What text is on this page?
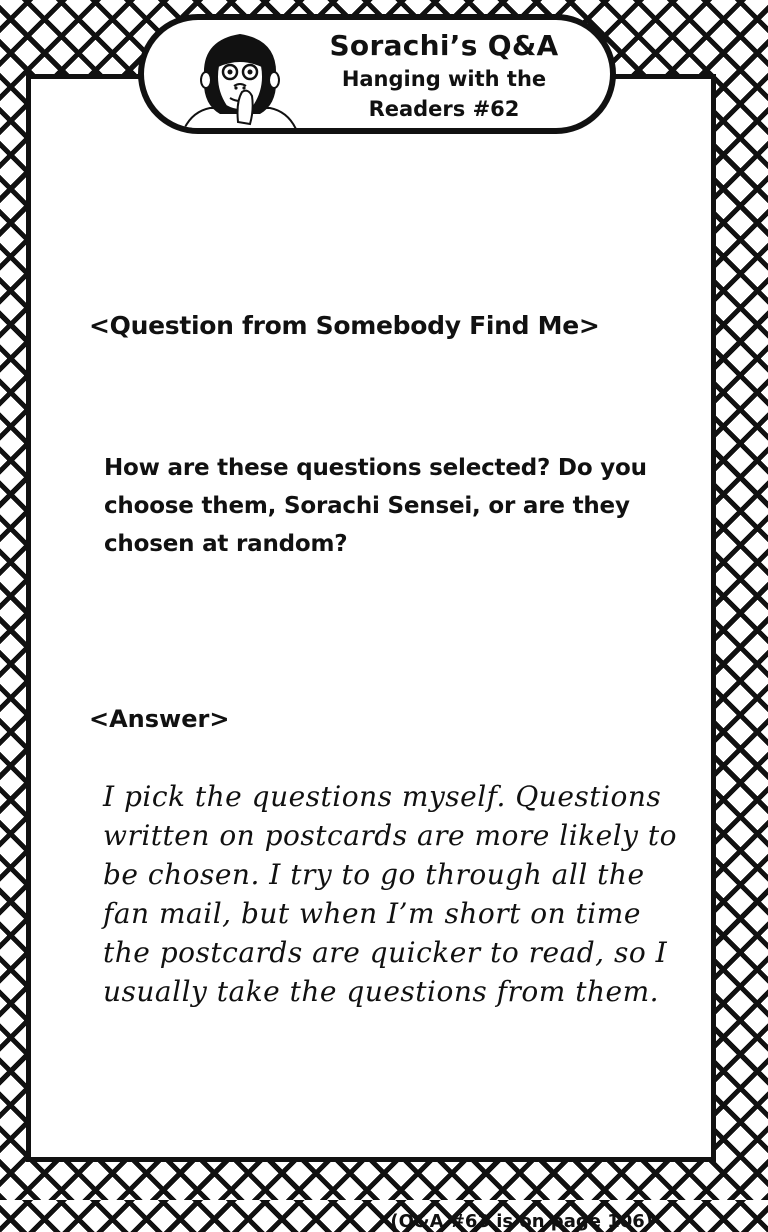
<Question from Somebody Find Me>
How are these questions selected? Do you choose them, Sorachi Sensei, or are they chosen at random?
<Answer>
I pick the questions myself. Questions written on postcards are more likely to be chosen. I try to go through all the fan mail, but when I’m short on time the postcards are quicker to read, so I usually take the questions from them.
(Q&A #63 is on page 106)
Sorachi’s Q&A
Hanging with the
Readers #62
